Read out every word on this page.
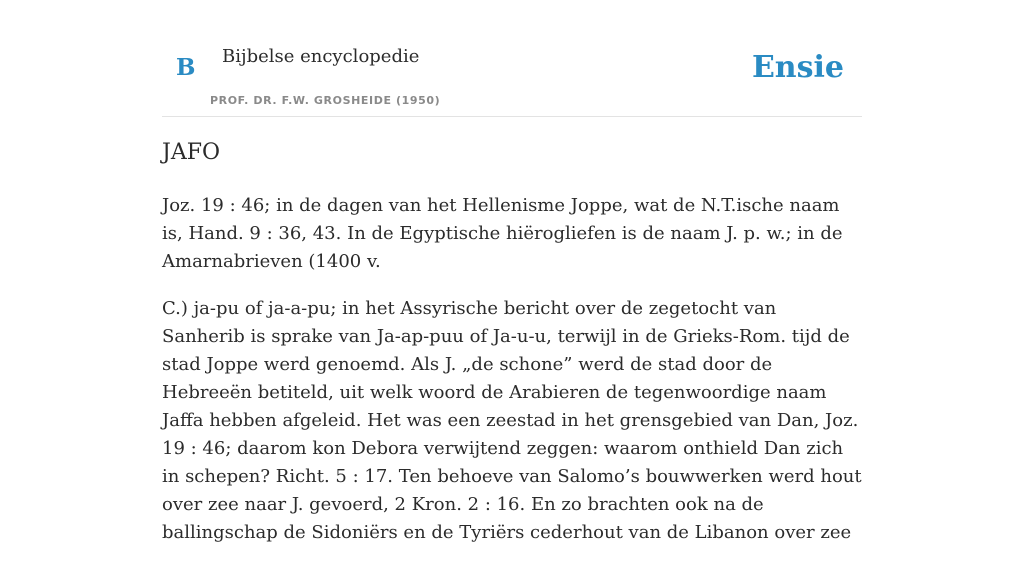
B Bijbelse encyclopedie
PROF. DR. F.W. GROSHEIDE (1950)
Ensie
JAFO

Joz. 19 : 46; in de dagen van het Hellenisme Joppe, wat de N.T.ische naam is, Hand. 9 : 36, 43. In de Egyptische hiërogliefen is de naam J. p. w.; in de Amarnabrieven (1400 v.

C.) ja-pu of ja-a-pu; in het Assyrische bericht over de zegetocht van Sanherib is sprake van Ja-ap-puu of Ja-u-u, terwijl in de Grieks-Rom. tijd de stad Joppe werd genoemd. Als J. „de schone” werd de stad door de Hebreeën betiteld, uit welk woord de Arabieren de tegenwoordige naam Jaffa hebben afgeleid. Het was een zeestad in het grensgebied van Dan, Joz. 19 : 46; daarom kon Debora verwijtend zeggen: waarom onthield Dan zich in schepen? Richt. 5 : 17. Ten behoeve van Salomo’s bouwwerken werd hout over zee naar J. gevoerd, 2 Kron. 2 : 16. En zo brachten ook na de ballingschap de Sidoniërs en de Tyriërs cederhout van de Libanon over zee
